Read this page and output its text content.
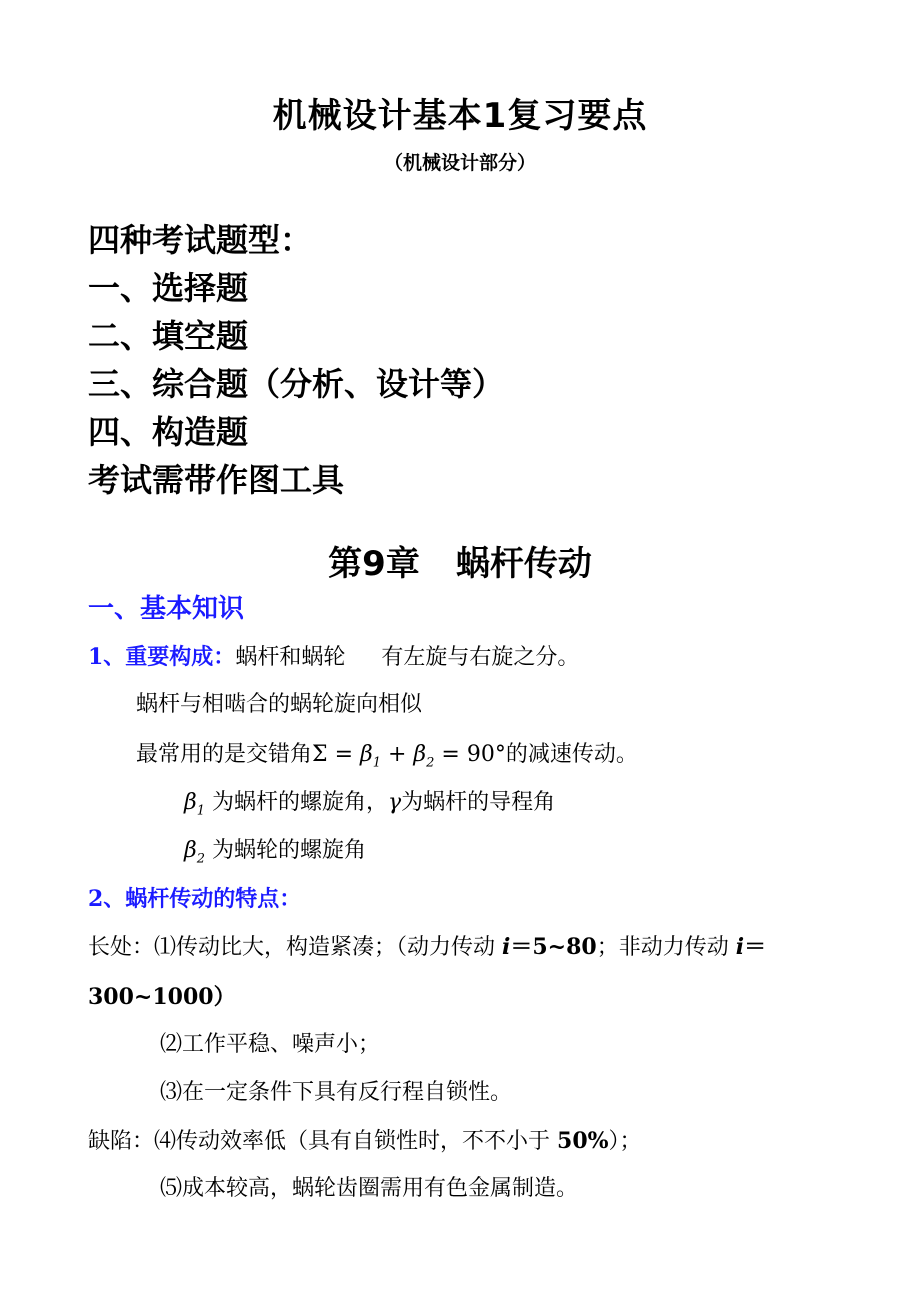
机械设计基本1复习要点
（机械设计部分）
四种考试题型：
一、选择题
二、填空题
三、综合题（分析、设计等）
四、构造题
考试需带作图工具
第9章 蜗杆传动
一、基本知识
1、重要构成：蜗杆和蜗轮 有左旋与右旋之分。
蜗杆与相啮合的蜗轮旋向相似
最常用的是交错角$\Sigma = \beta_1 + \beta_2 = 90^\circ$的减速传动。
$\beta_1$ 为蜗杆的螺旋角，γ为蜗杆的导程角
$\beta_2$ 为蜗轮的螺旋角
2、蜗杆传动的特点：
长处：⑴传动比大，构造紧凑；（动力传动 i＝5~80；非动力传动 i＝
300~1000）
⑵工作平稳、噪声小；
⑶在一定条件下具有反行程自锁性。
缺陷：⑷传动效率低（具有自锁性时，不不小于 50%）；
⑸成本较高，蜗轮齿圈需用有色金属制造。
